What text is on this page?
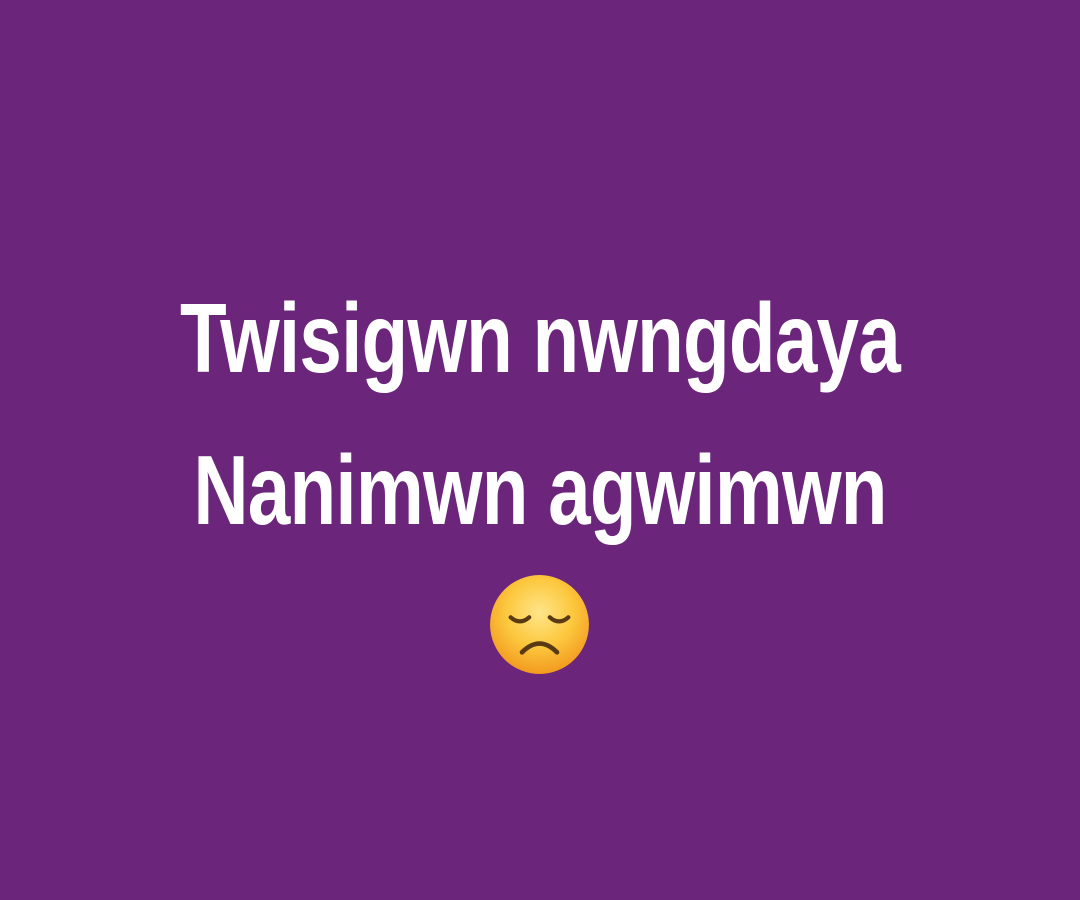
Twisigwn nwngdaya
Nanimwn agwimwn
